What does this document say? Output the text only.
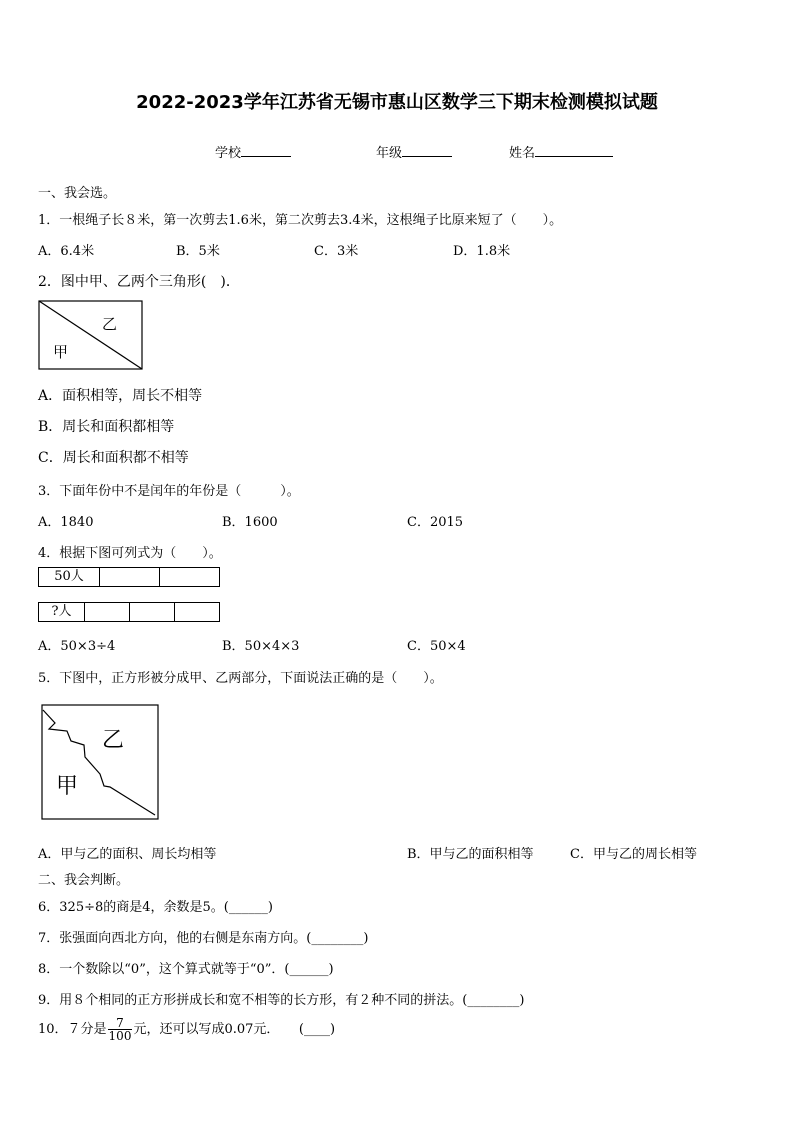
2022-2023学年江苏省无锡市惠山区数学三下期末检测模拟试题
学校	年级	姓名
一、我会选。
1．一根绳子长８米，第一次剪去1.6米，第二次剪去3.4米，这根绳子比原来短了（　　）。
A．6.4米	B．5米	C．3米	D．1.8米
2．图中甲、乙两个三角形(　)．
乙
甲
A．面积相等，周长不相等
B．周长和面积都相等
C．周长和面积都不相等
3．下面年份中不是闰年的年份是（　　　）。
A．1840	B．1600	C．2015
4．根据下图可列式为（　　）。
50人
?人
A．50×3÷4	B．50×4×3	C．50×4
5．下图中，正方形被分成甲、乙两部分，下面说法正确的是（　　）。
乙
甲
A．甲与乙的面积、周长均相等	B．甲与乙的面积相等	C．甲与乙的周长相等
二、我会判断。
6．325÷8的商是4，余数是5。(______)
7．张强面向西北方向，他的右侧是东南方向。(________)
8．一个数除以“0”，这个算式就等于“0”．(______)
9．用８个相同的正方形拼成长和宽不相等的长方形，有２种不同的拼法。(________)
10．７分是 $\frac{7}{100}$ 元，还可以写成0.07元．　　(____)
